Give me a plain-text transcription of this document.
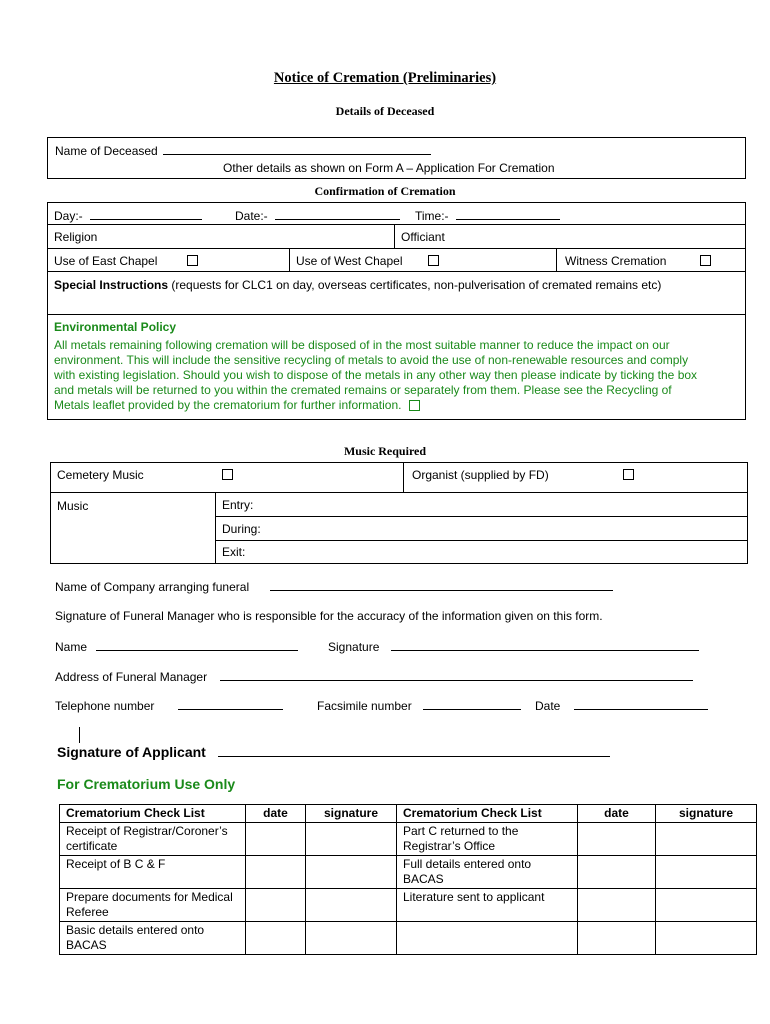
Notice of Cremation (Preliminaries)
Details of Deceased
Name of Deceased
Other details as shown on Form A – Application For Cremation
Confirmation of Cremation
Day:-	Date:-	Time:-
Religion	Officiant
Use of East Chapel	Use of West Chapel	Witness Cremation
Special Instructions (requests for CLC1 on day, overseas certificates, non-pulverisation of cremated remains etc)
Environmental Policy
All metals remaining following cremation will be disposed of in the most suitable manner to reduce the impact on our
environment. This will include the sensitive recycling of metals to avoid the use of non-renewable resources and comply
with existing legislation. Should you wish to dispose of the metals in any other way then please indicate by ticking the box
and metals will be returned to you within the cremated remains or separately from them. Please see the Recycling of
Metals leaflet provided by the crematorium for further information.
Music Required
Cemetery Music	Organist (supplied by FD)
Music	Entry:
During:
Exit:
Name of Company arranging funeral
Signature of Funeral Manager who is responsible for the accuracy of the information given on this form.
Name	Signature
Address of Funeral Manager
Telephone number	Facsimile number	Date
Signature of Applicant
For Crematorium Use Only
Crematorium Check List	date	signature	Crematorium Check List	date	signature
Receipt of Registrar/Coroner’s certificate			Part C returned to the Registrar’s Office		
Receipt of B C & F			Full details entered onto BACAS		
Prepare documents for Medical Referee			Literature sent to applicant		
Basic details entered onto BACAS					
